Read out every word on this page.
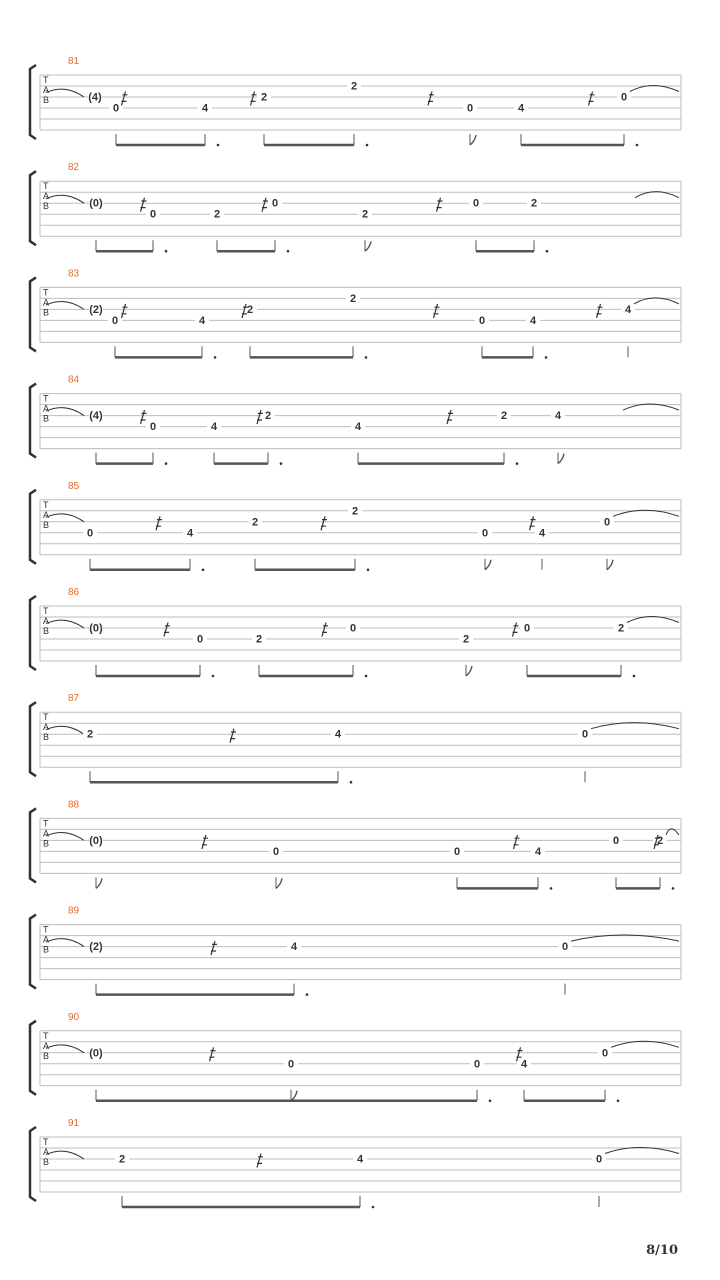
81
T
A
B	(4)
0	4
2
2
0	4
0
82
T
A
B	(0)
0	2
0
2
0	2
83
T
A
B	(2)
0	4
2
2
0	4
4
84
T
A
B	(4)
0	4
2
4
2	4
85
T
A
B
0	4
2
2
0	4
0
86
T
A
B	(0)
0	2
0
2
0	2
87
T
A
B	2	4	0
88
T
A
B	(0)
0	0	4
0	2
89
T
A
B	(2)	4	0
90
T
A
B	(0)
0	0	4
0
91
T
A
B	2	4	0
8/10
